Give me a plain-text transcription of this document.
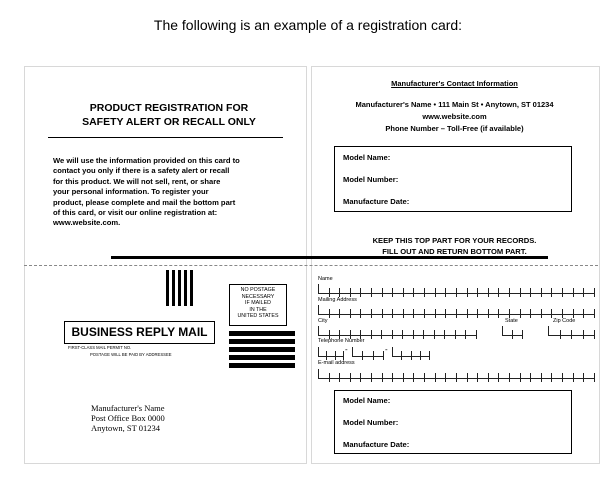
The following is an example of a registration card:
PRODUCT REGISTRATION FOR
SAFETY ALERT OR RECALL ONLY
We will use the information provided on this card to
contact you only if there is a safety alert or recall
for this product. We will not sell, rent, or share
your personal information. To register your
product, please complete and mail the bottom part
of this card, or visit our online registration at:
www.website.com.
Manufacturer's Contact Information
Manufacturer's Name • 111 Main St • Anytown, ST 01234
www.website.com
Phone Number – Toll-Free (if available)
Model Name:
Model Number:
Manufacture Date:
KEEP THIS TOP PART FOR YOUR RECORDS.
FILL OUT AND RETURN BOTTOM PART.
NO POSTAGE
NECESSARY
IF MAILED
IN THE
UNITED STATES
BUSINESS REPLY MAIL
FIRST-CLASS MAIL PERMIT NO.
POSTAGE WILL BE PAID BY ADDRESSEE
Manufacturer's Name
Post Office Box 0000
Anytown, ST 01234
Name
Mailing Address
City	State	Zip Code
Telephone Number
-	-
E-mail address
Model Name:
Model Number:
Manufacture Date:
